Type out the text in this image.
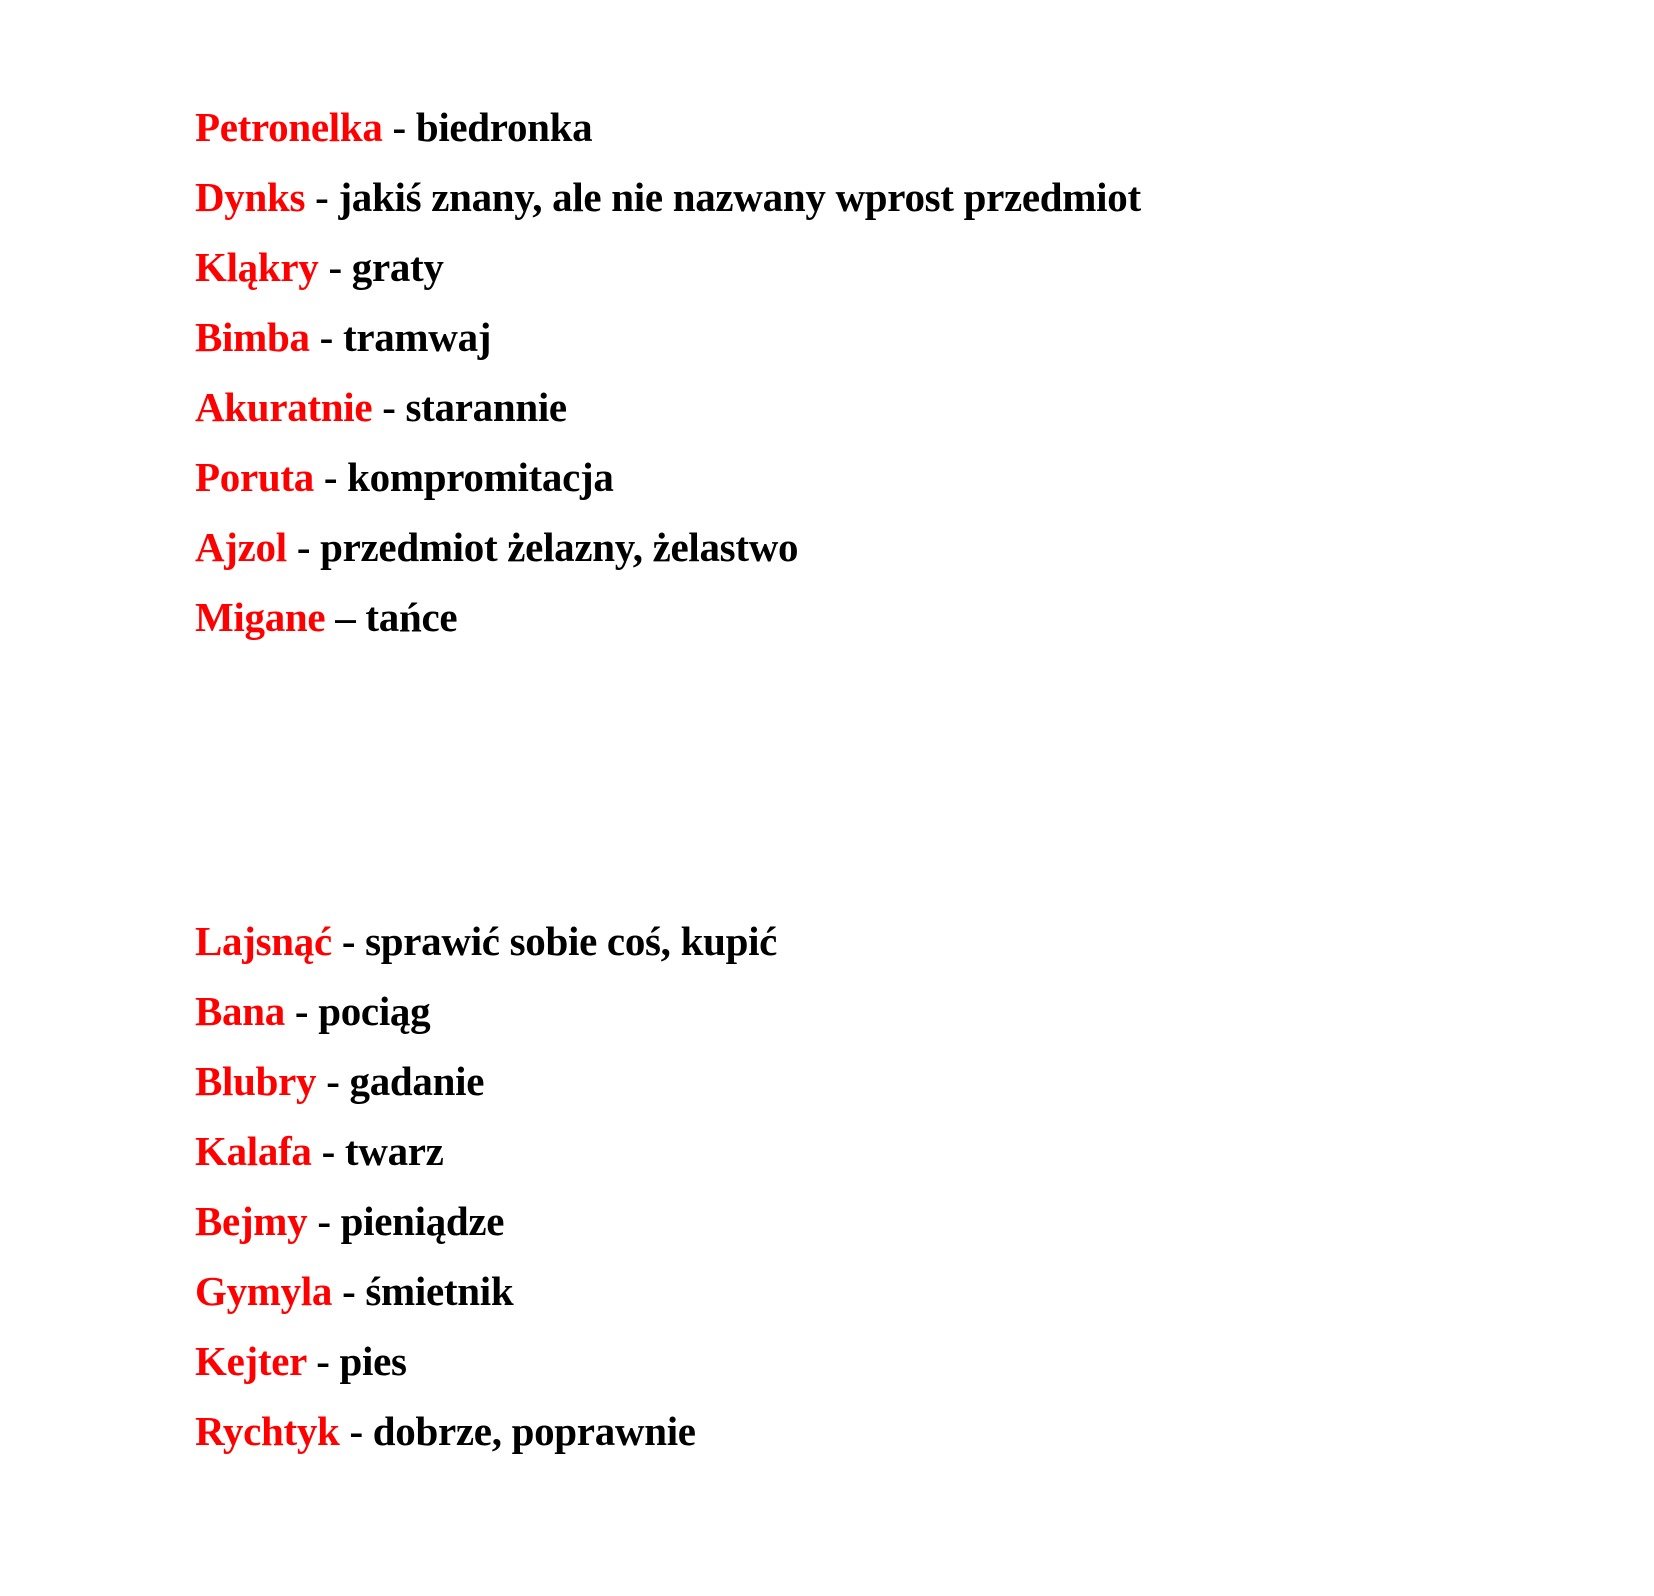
Petronelka - biedronka

Dynks - jakiś znany, ale nie nazwany wprost przedmiot

Kląkry - graty

Bimba - tramwaj

Akuratnie - starannie

Poruta - kompromitacja

Ajzol - przedmiot żelazny, żelastwo

Migane – tańce

Lajsnąć - sprawić sobie coś, kupić

Bana - pociąg

Blubry - gadanie

Kalafa - twarz

Bejmy - pieniądze

Gymyla - śmietnik

Kejter - pies

Rychtyk - dobrze, poprawnie
